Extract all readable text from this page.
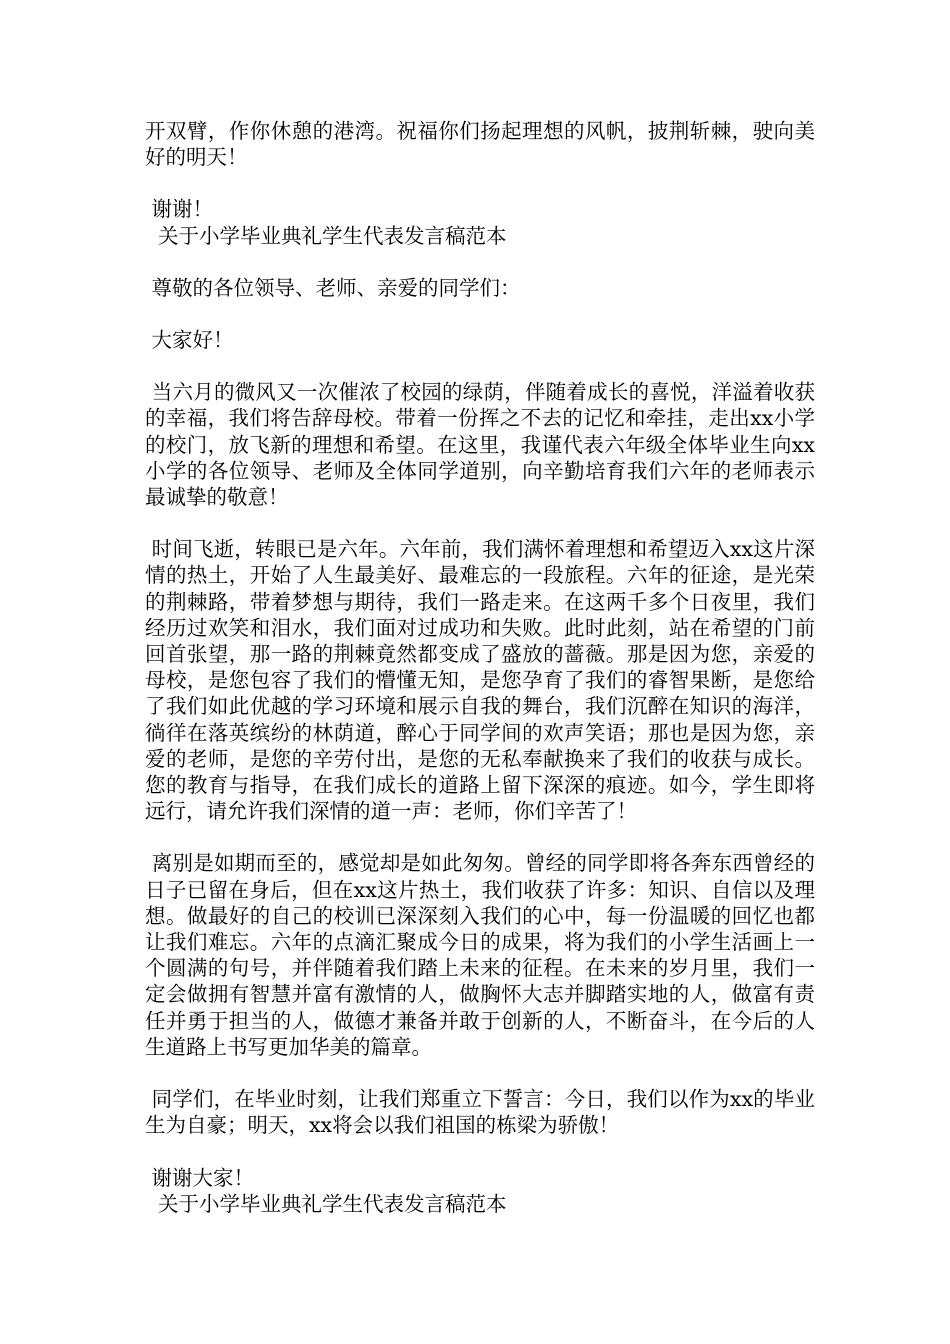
开双臂，作你休憩的港湾。祝福你们扬起理想的风帆，披荆斩棘，驶向美好的明天！

谢谢！

关于小学毕业典礼学生代表发言稿范本

尊敬的各位领导、老师、亲爱的同学们：

大家好！

当六月的微风又一次催浓了校园的绿荫，伴随着成长的喜悦，洋溢着收获的幸福，我们将告辞母校。带着一份挥之不去的记忆和牵挂，走出xx小学的校门，放飞新的理想和希望。在这里，我谨代表六年级全体毕业生向xx小学的各位领导、老师及全体同学道别，向辛勤培育我们六年的老师表示最诚挚的敬意！

时间飞逝，转眼已是六年。六年前，我们满怀着理想和希望迈入xx这片深情的热土，开始了人生最美好、最难忘的一段旅程。六年的征途，是光荣的荆棘路，带着梦想与期待，我们一路走来。在这两千多个日夜里，我们经历过欢笑和泪水，我们面对过成功和失败。此时此刻，站在希望的门前回首张望，那一路的荆棘竟然都变成了盛放的蔷薇。那是因为您，亲爱的母校，是您包容了我们的懵懂无知，是您孕育了我们的睿智果断，是您给了我们如此优越的学习环境和展示自我的舞台，我们沉醉在知识的海洋，徜徉在落英缤纷的林荫道，醉心于同学间的欢声笑语；那也是因为您，亲爱的老师，是您的辛劳付出，是您的无私奉献换来了我们的收获与成长。您的教育与指导，在我们成长的道路上留下深深的痕迹。如今，学生即将远行，请允许我们深情的道一声：老师，你们辛苦了！

离别是如期而至的，感觉却是如此匆匆。曾经的同学即将各奔东西曾经的日子已留在身后，但在xx这片热土，我们收获了许多：知识、自信以及理想。做最好的自己的校训已深深刻入我们的心中，每一份温暖的回忆也都让我们难忘。六年的点滴汇聚成今日的成果，将为我们的小学生活画上一个圆满的句号，并伴随着我们踏上未来的征程。在未来的岁月里，我们一定会做拥有智慧并富有激情的人，做胸怀大志并脚踏实地的人，做富有责任并勇于担当的人，做德才兼备并敢于创新的人，不断奋斗，在今后的人生道路上书写更加华美的篇章。

同学们，在毕业时刻，让我们郑重立下誓言：今日，我们以作为xx的毕业生为自豪；明天，xx将会以我们祖国的栋梁为骄傲！

谢谢大家！

关于小学毕业典礼学生代表发言稿范本
